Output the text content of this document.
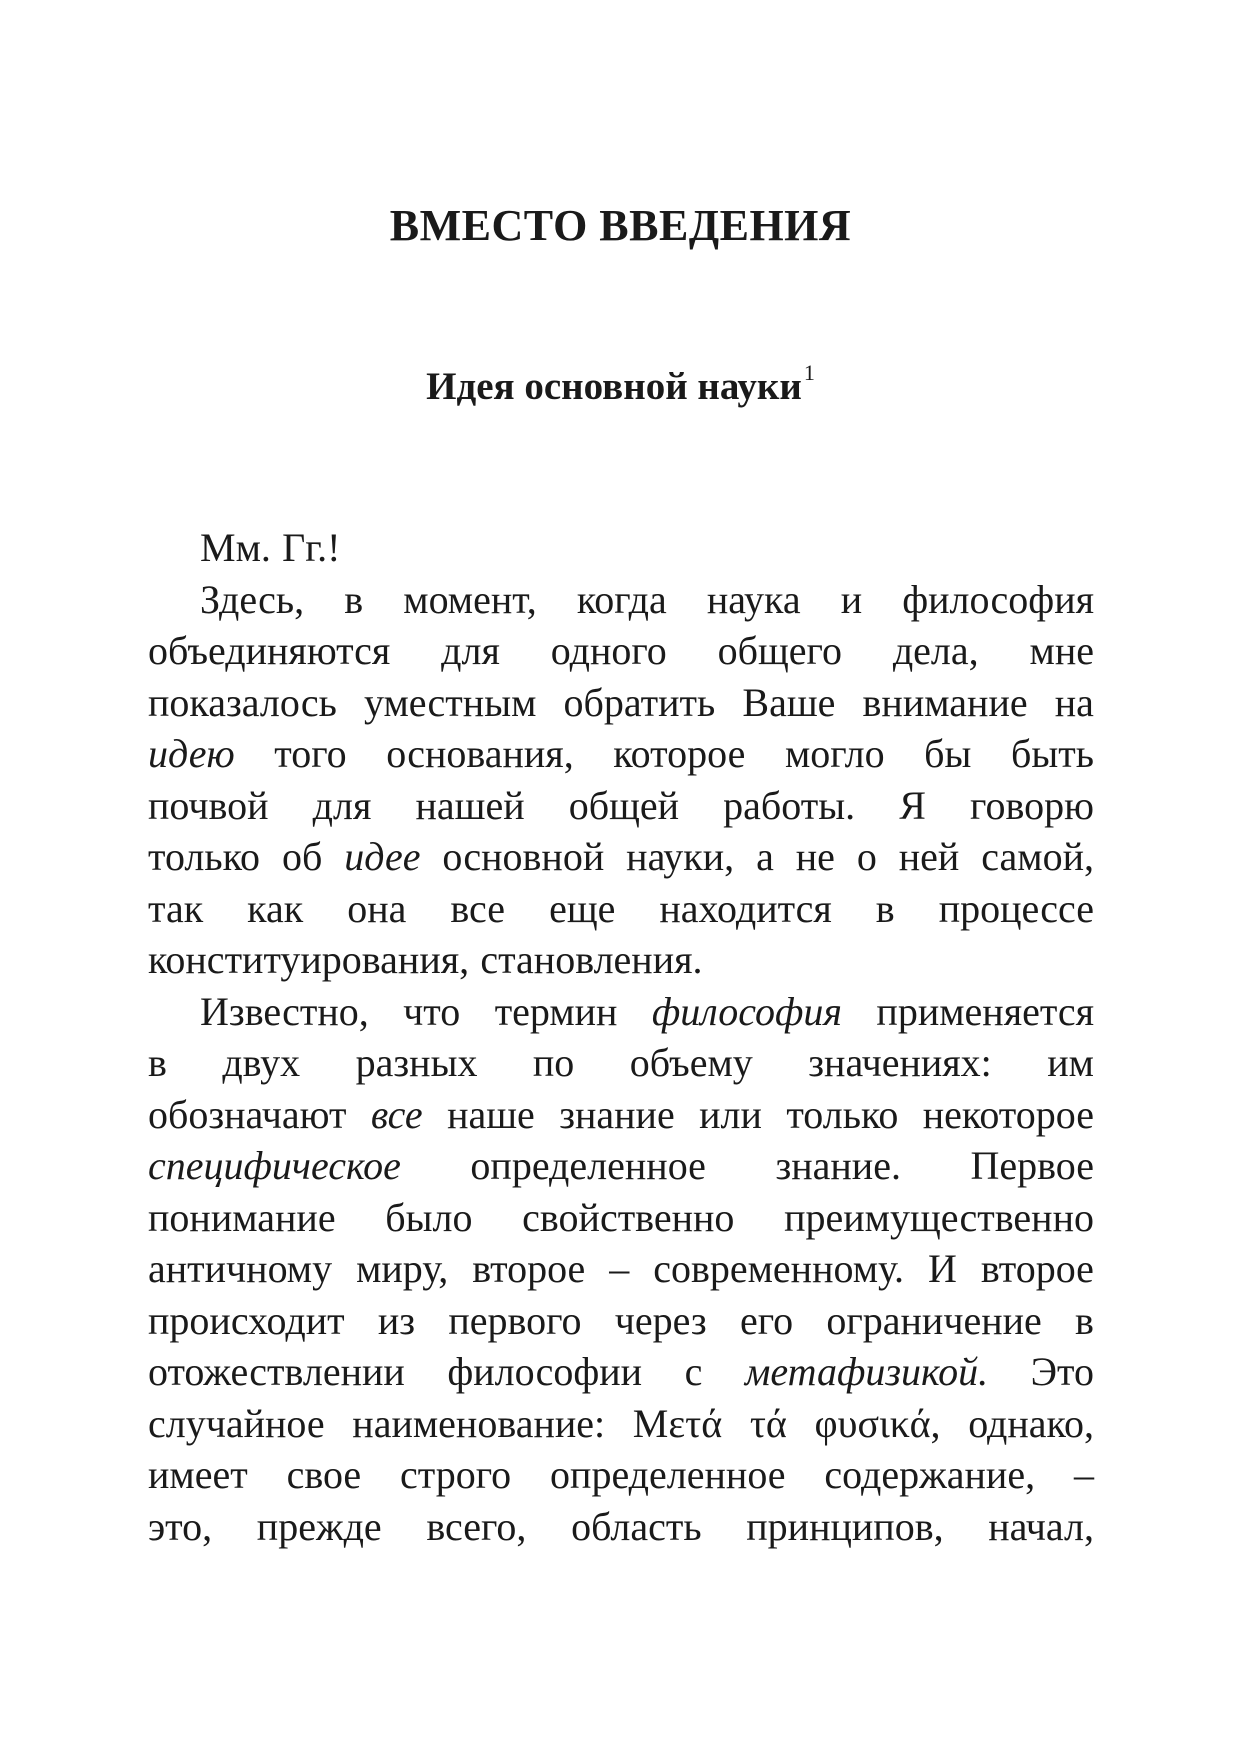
ВМЕСТО ВВЕДЕНИЯ
Идея основной науки$^1$
Мм. Гг.!
Здесь, в момент, когда наука и философия
объединяются для одного общего дела, мне
показалось уместным обратить Ваше внимание на
идею того основания, которое могло бы быть
почвой для нашей общей работы. Я говорю
только об идее основной науки, а не о ней самой,
так как она все еще находится в процессе
конституирования, становления.
Известно, что термин философия применяется
в двух разных по объему значениях: им
обозначают все наше знание или только некоторое
специфическое определенное знание. Первое
понимание было свойственно преимущественно
античному миру, второе – современному. И второе
происходит из первого через его ограничение в
отожествлении философии с метафизикой. Это
случайное наименование: Μετά τά φυσικά, однако,
имеет свое строго определенное содержание, –
это, прежде всего, область принципов, начал,
